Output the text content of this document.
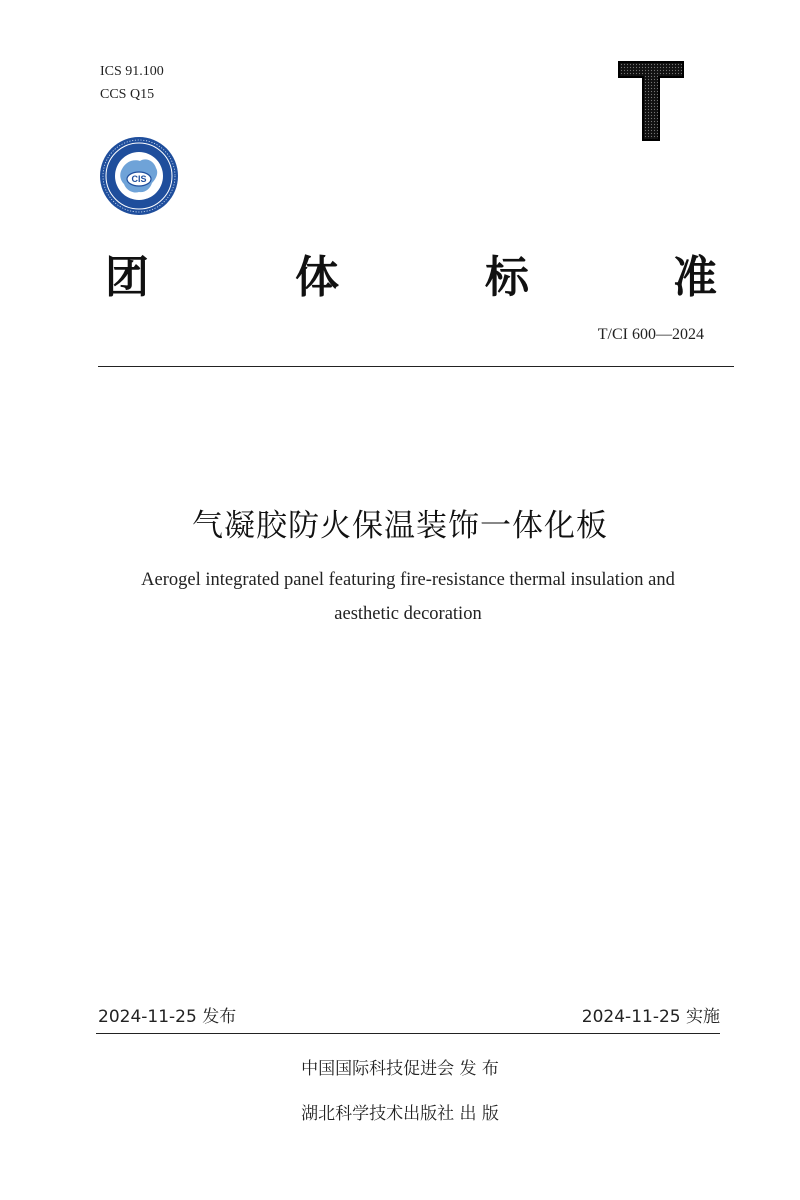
ICS 91.100
CCS Q15
CIS
团	体	标	准
T/CI 600—2024
气凝胶防火保温装饰一体化板
Aerogel integrated panel featuring fire-resistance thermal insulation and
aesthetic decoration
2024-11-25 发布	2024-11-25 实施
中国国际科技促进会 发 布
湖北科学技术出版社 出 版
